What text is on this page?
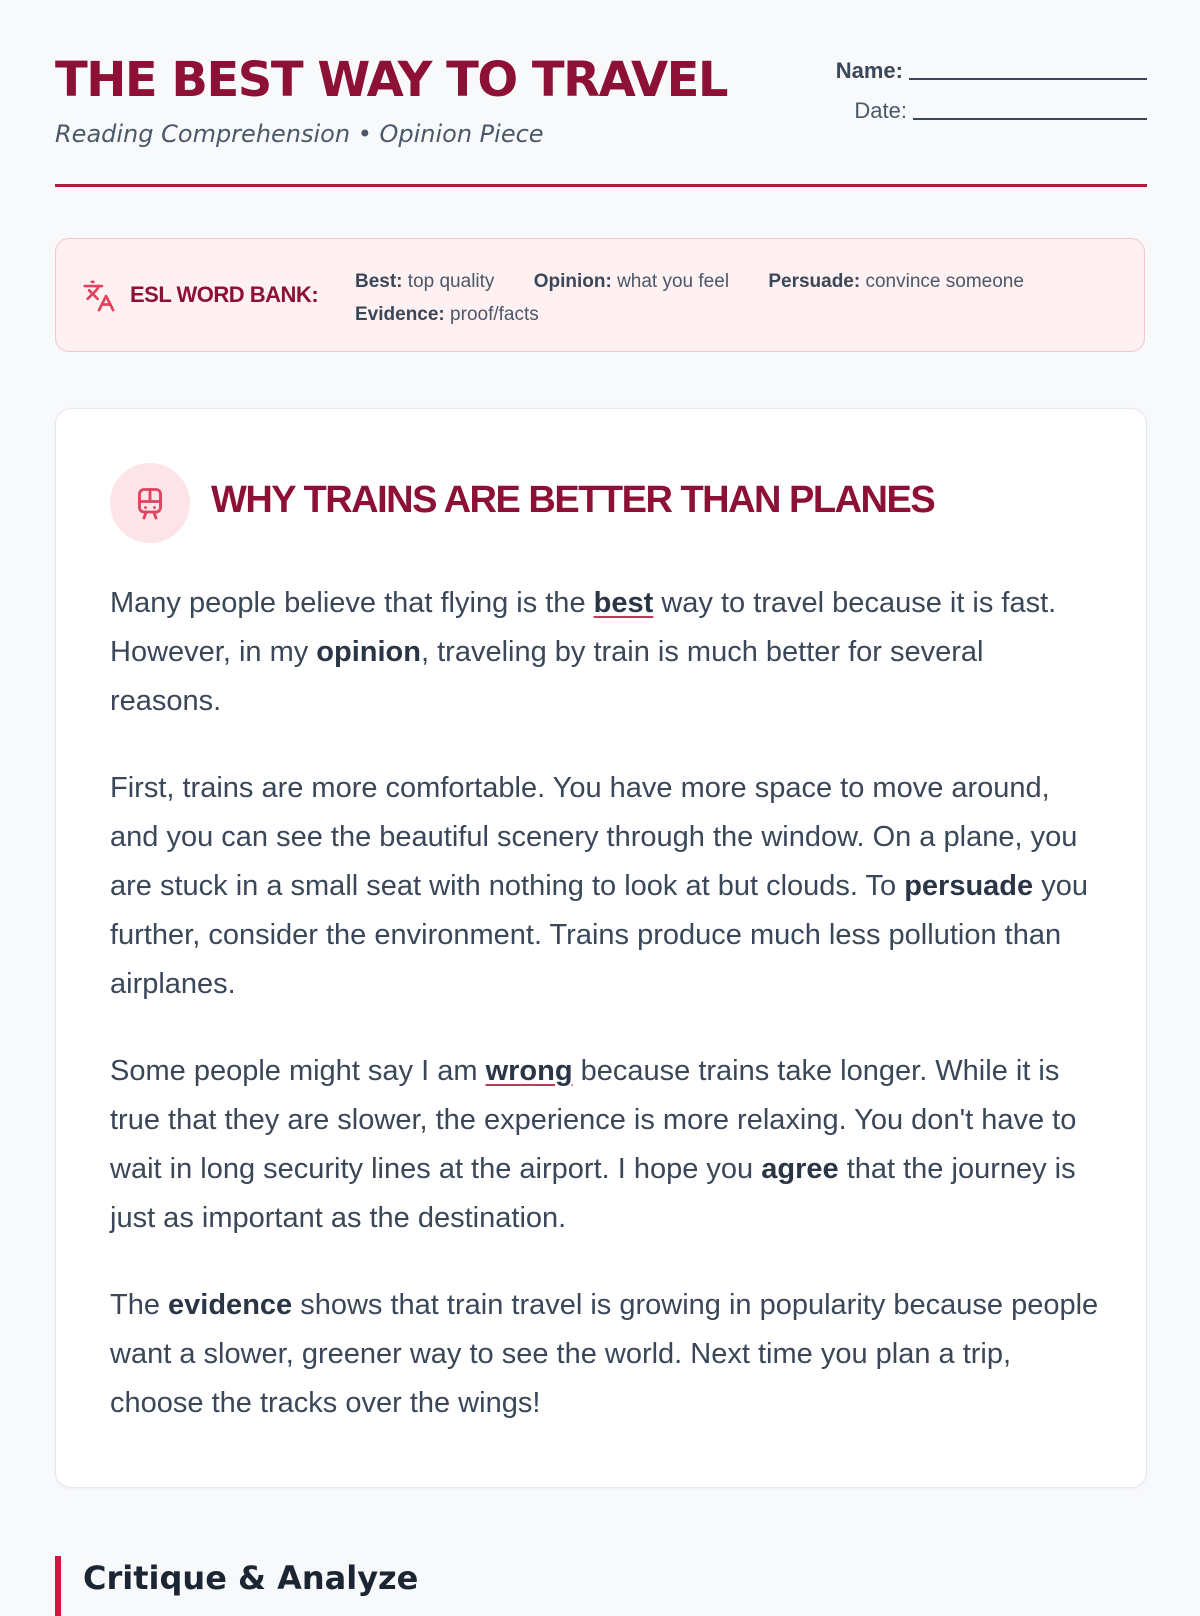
THE BEST WAY TO TRAVEL
Reading Comprehension • Opinion Piece
Name:
Date:
ESL WORD BANK:
Best: top quality Opinion: what you feel Persuade: convince someone
Evidence: proof/facts
WHY TRAINS ARE BETTER THAN PLANES

Many people believe that flying is the best way to travel because it is fast. However, in my opinion, traveling by train is much better for several reasons.

First, trains are more comfortable. You have more space to move around, and you can see the beautiful scenery through the window. On a plane, you are stuck in a small seat with nothing to look at but clouds. To persuade you further, consider the environment. Trains produce much less pollution than airplanes.

Some people might say I am wrong because trains take longer. While it is true that they are slower, the experience is more relaxing. You don't have to wait in long security lines at the airport. I hope you agree that the journey is just as important as the destination.

The evidence shows that train travel is growing in popularity because people want a slower, greener way to see the world. Next time you plan a trip, choose the tracks over the wings!

Critique & Analyze
